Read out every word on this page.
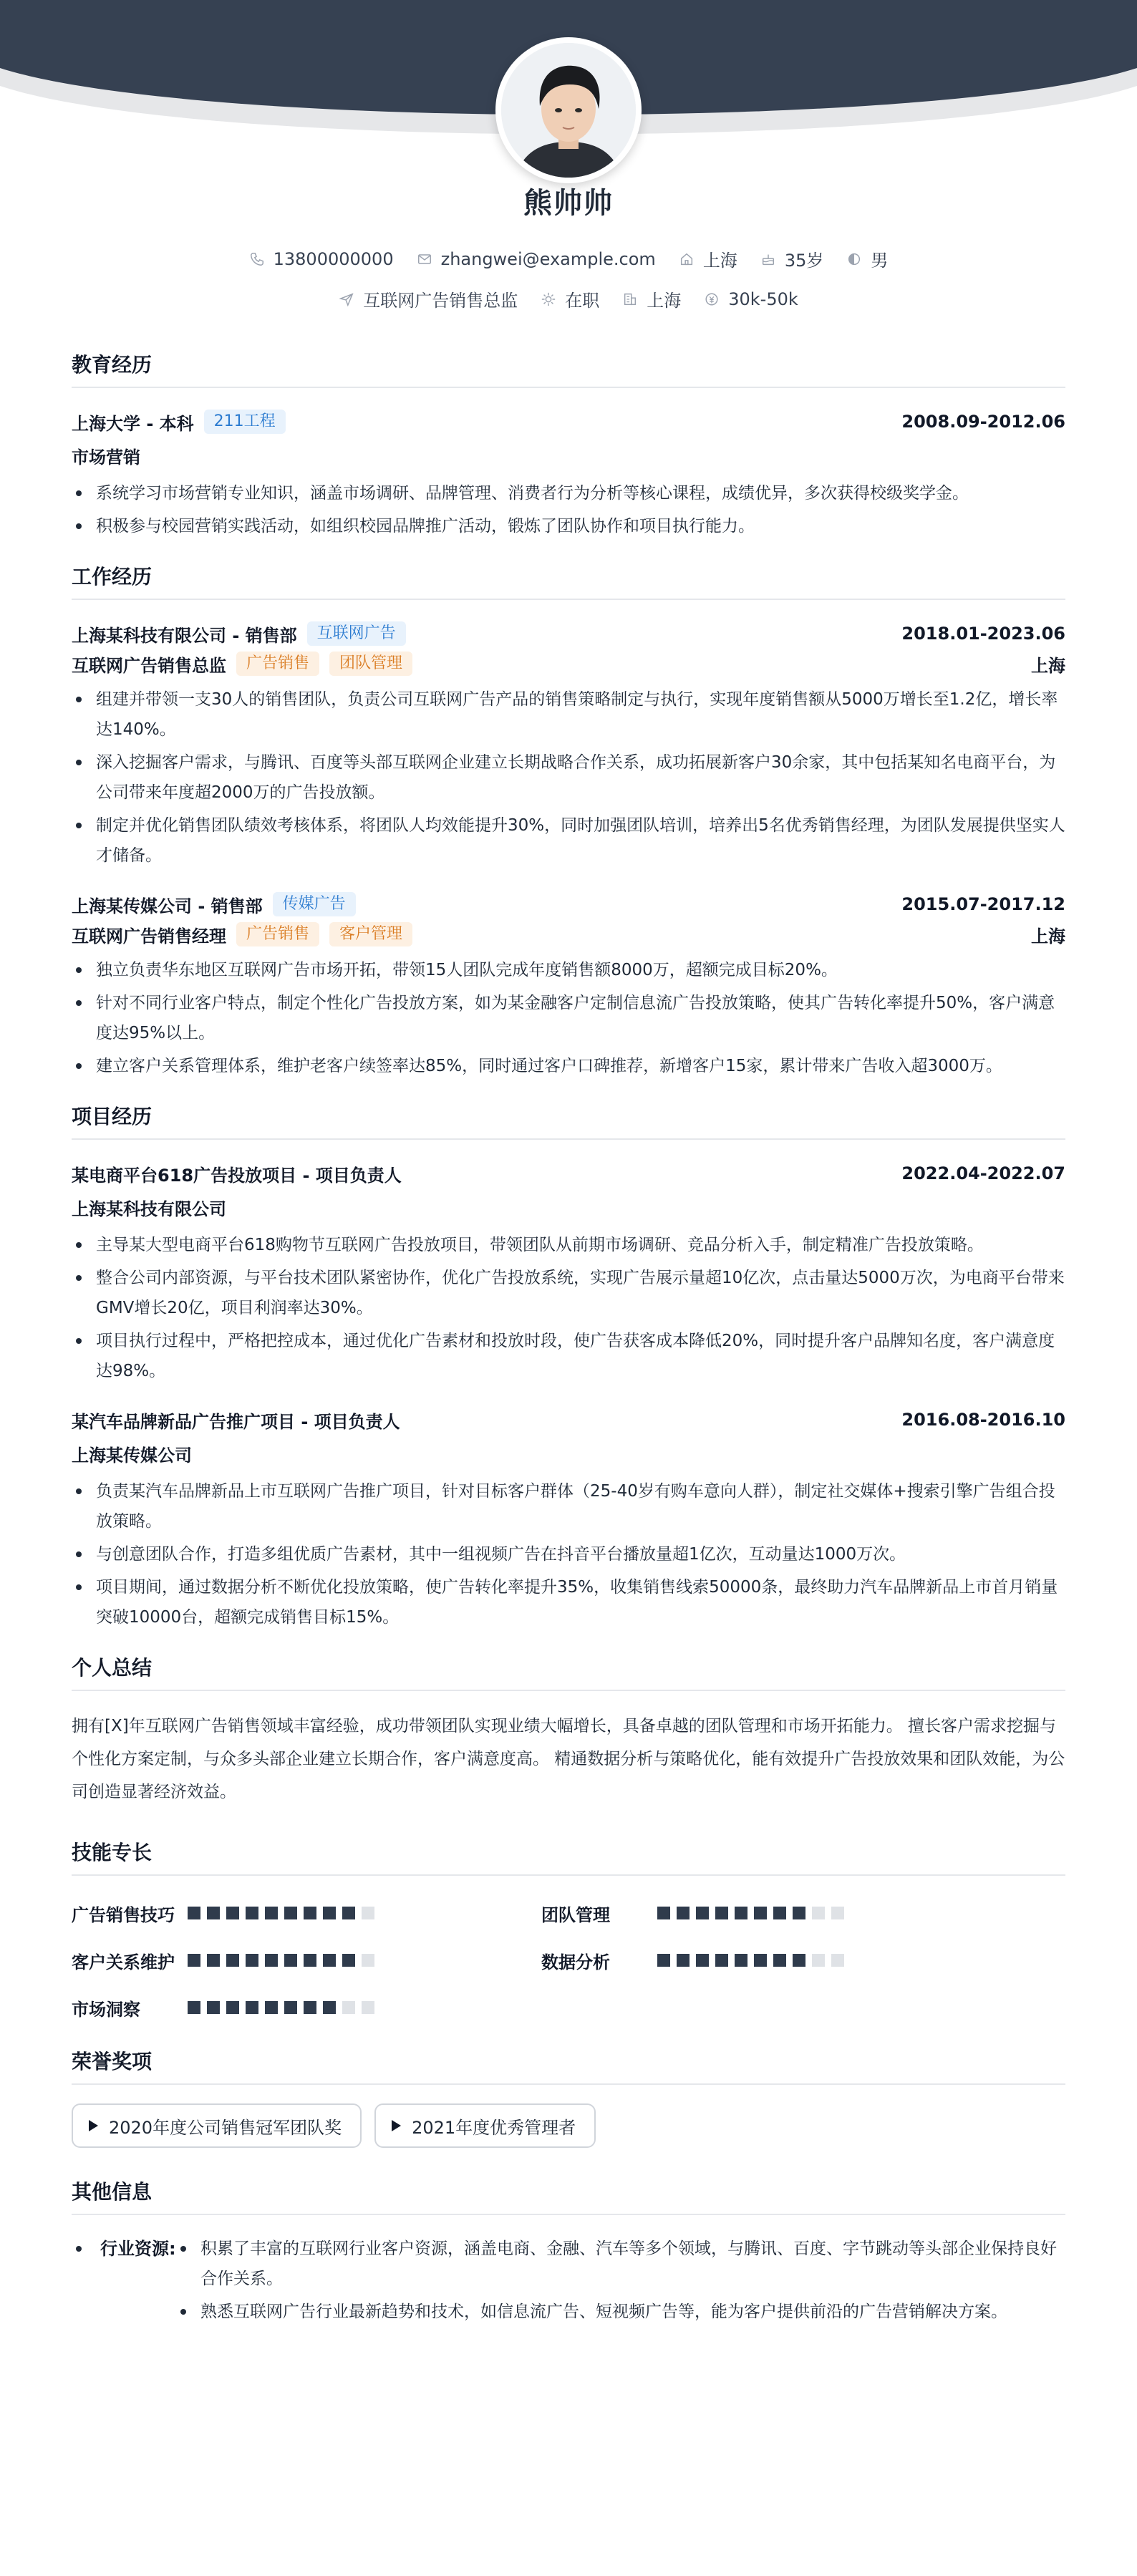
熊帅帅
13800000000	zhangwei@example.com	上海	35岁	男
互联网广告销售总监	在职	上海	30k-50k
教育经历
上海大学 - 本科	211工程	2008.09-2012.06
市场营销
系统学习市场营销专业知识，涵盖市场调研、品牌管理、消费者行为分析等核心课程，成绩优异，多次获得校级奖学金。
积极参与校园营销实践活动，如组织校园品牌推广活动，锻炼了团队协作和项目执行能力。
工作经历
上海某科技有限公司 - 销售部	互联网广告	2018.01-2023.06
互联网广告销售总监	广告销售	团队管理	上海
组建并带领一支30人的销售团队，负责公司互联网广告产品的销售策略制定与执行，实现年度销售额从5000万增长至1.2亿，增长率达140%。
深入挖掘客户需求，与腾讯、百度等头部互联网企业建立长期战略合作关系，成功拓展新客户30余家，其中包括某知名电商平台，为公司带来年度超2000万的广告投放额。
制定并优化销售团队绩效考核体系，将团队人均效能提升30%，同时加强团队培训，培养出5名优秀销售经理，为团队发展提供坚实人才储备。
上海某传媒公司 - 销售部	传媒广告	2015.07-2017.12
互联网广告销售经理	广告销售	客户管理	上海
独立负责华东地区互联网广告市场开拓，带领15人团队完成年度销售额8000万，超额完成目标20%。
针对不同行业客户特点，制定个性化广告投放方案，如为某金融客户定制信息流广告投放策略，使其广告转化率提升50%，客户满意度达95%以上。
建立客户关系管理体系，维护老客户续签率达85%，同时通过客户口碑推荐，新增客户15家，累计带来广告收入超3000万。
项目经历
某电商平台618广告投放项目 - 项目负责人	2022.04-2022.07
上海某科技有限公司
主导某大型电商平台618购物节互联网广告投放项目，带领团队从前期市场调研、竞品分析入手，制定精准广告投放策略。
整合公司内部资源，与平台技术团队紧密协作，优化广告投放系统，实现广告展示量超10亿次，点击量达5000万次，为电商平台带来GMV增长20亿，项目利润率达30%。
项目执行过程中，严格把控成本，通过优化广告素材和投放时段，使广告获客成本降低20%，同时提升客户品牌知名度，客户满意度达98%。
某汽车品牌新品广告推广项目 - 项目负责人	2016.08-2016.10
上海某传媒公司
负责某汽车品牌新品上市互联网广告推广项目，针对目标客户群体（25-40岁有购车意向人群），制定社交媒体+搜索引擎广告组合投放策略。
与创意团队合作，打造多组优质广告素材，其中一组视频广告在抖音平台播放量超1亿次，互动量达1000万次。
项目期间，通过数据分析不断优化投放策略，使广告转化率提升35%，收集销售线索50000条，最终助力汽车品牌新品上市首月销量突破10000台，超额完成销售目标15%。
个人总结
拥有[X]年互联网广告销售领域丰富经验，成功带领团队实现业绩大幅增长，具备卓越的团队管理和市场开拓能力。 擅长客户需求挖掘与个性化方案定制，与众多头部企业建立长期合作，客户满意度高。 精通数据分析与策略优化，能有效提升广告投放效果和团队效能，为公司创造显著经济效益。
技能专长
广告销售技巧	团队管理
客户关系维护	数据分析
市场洞察
荣誉奖项
2020年度公司销售冠军团队奖	2021年度优秀管理者
其他信息
行业资源:	积累了丰富的互联网行业客户资源，涵盖电商、金融、汽车等多个领域，与腾讯、百度、字节跳动等头部企业保持良好合作关系。
熟悉互联网广告行业最新趋势和技术，如信息流广告、短视频广告等，能为客户提供前沿的广告营销解决方案。
